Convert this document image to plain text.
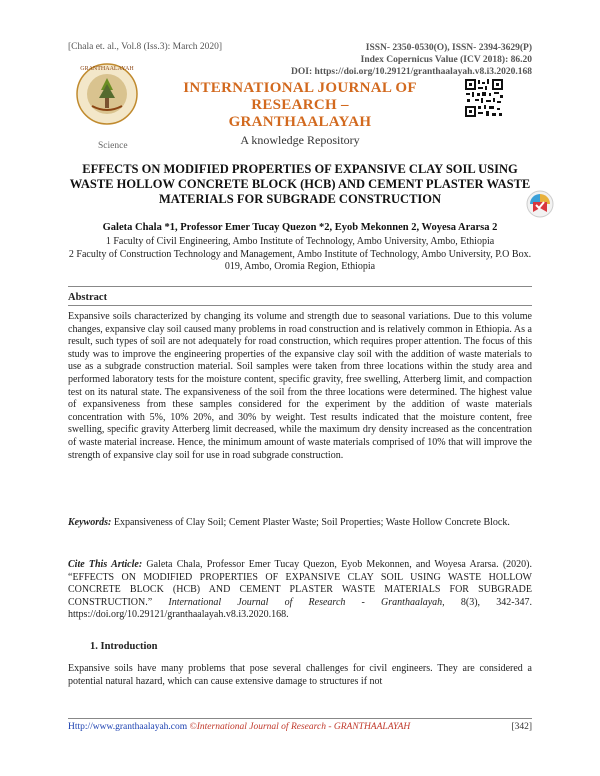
[Chala et. al., Vol.8 (Iss.3): March 2020]	ISSN- 2350-0530(O), ISSN- 2394-3629(P)
Index Copernicus Value (ICV 2018): 86.20
DOI: https://doi.org/10.29121/granthaalayah.v8.i3.2020.168
GRANTHAALAYAH
INTERNATIONAL JOURNAL OF RESEARCH –
GRANTHAALAYAH
A knowledge Repository
Science
EFFECTS ON MODIFIED PROPERTIES OF EXPANSIVE CLAY SOIL USING WASTE HOLLOW CONCRETE BLOCK (HCB) AND CEMENT PLASTER WASTE MATERIALS FOR SUBGRADE CONSTRUCTION
Galeta Chala *1, Professor Emer Tucay Quezon *2, Eyob Mekonnen 2, Woyesa Ararsa 2
1 Faculty of Civil Engineering, Ambo Institute of Technology, Ambo University, Ambo, Ethiopia
2 Faculty of Construction Technology and Management, Ambo Institute of Technology, Ambo University, P.O Box. 019, Ambo, Oromia Region, Ethiopia
Abstract
Expansive soils characterized by changing its volume and strength due to seasonal variations. Due to this volume changes, expansive clay soil caused many problems in road construction and is relatively common in Ethiopia. As a result, such types of soil are not adequately for road construction, which requires proper attention. The focus of this study was to improve the engineering properties of the expansive clay soil with the addition of waste materials to use as a subgrade construction material. Soil samples were taken from three locations within the study area and performed laboratory tests for the moisture content, specific gravity, free swelling, Atterberg limit, and compaction test on its natural state. The expansiveness of the soil from the three locations were determined. The highest value of expansiveness from these samples considered for the experiment by the addition of waste materials concentration with 5%, 10% 20%, and 30% by weight. Test results indicated that the moisture content, free swelling, specific gravity Atterberg limit decreased, while the maximum dry density increased as the concentration of waste material increase. Hence, the minimum amount of waste materials comprised of 10% that will improve the strength of expansive clay soil for use in road subgrade construction.
Keywords: Expansiveness of Clay Soil; Cement Plaster Waste; Soil Properties; Waste Hollow Concrete Block.
Cite This Article: Galeta Chala, Professor Emer Tucay Quezon, Eyob Mekonnen, and Woyesa Ararsa. (2020). “EFFECTS ON MODIFIED PROPERTIES OF EXPANSIVE CLAY SOIL USING WASTE HOLLOW CONCRETE BLOCK (HCB) AND CEMENT PLASTER WASTE MATERIALS FOR SUBGRADE CONSTRUCTION.” International Journal of Research - Granthaalayah, 8(3), 342-347. https://doi.org/10.29121/granthaalayah.v8.i3.2020.168.
1. Introduction
Expansive soils have many problems that pose several challenges for civil engineers. They are considered a potential natural hazard, which can cause extensive damage to structures if not
Http://www.granthaalayah.com ©International Journal of Research - GRANTHAALAYAH	[342]
